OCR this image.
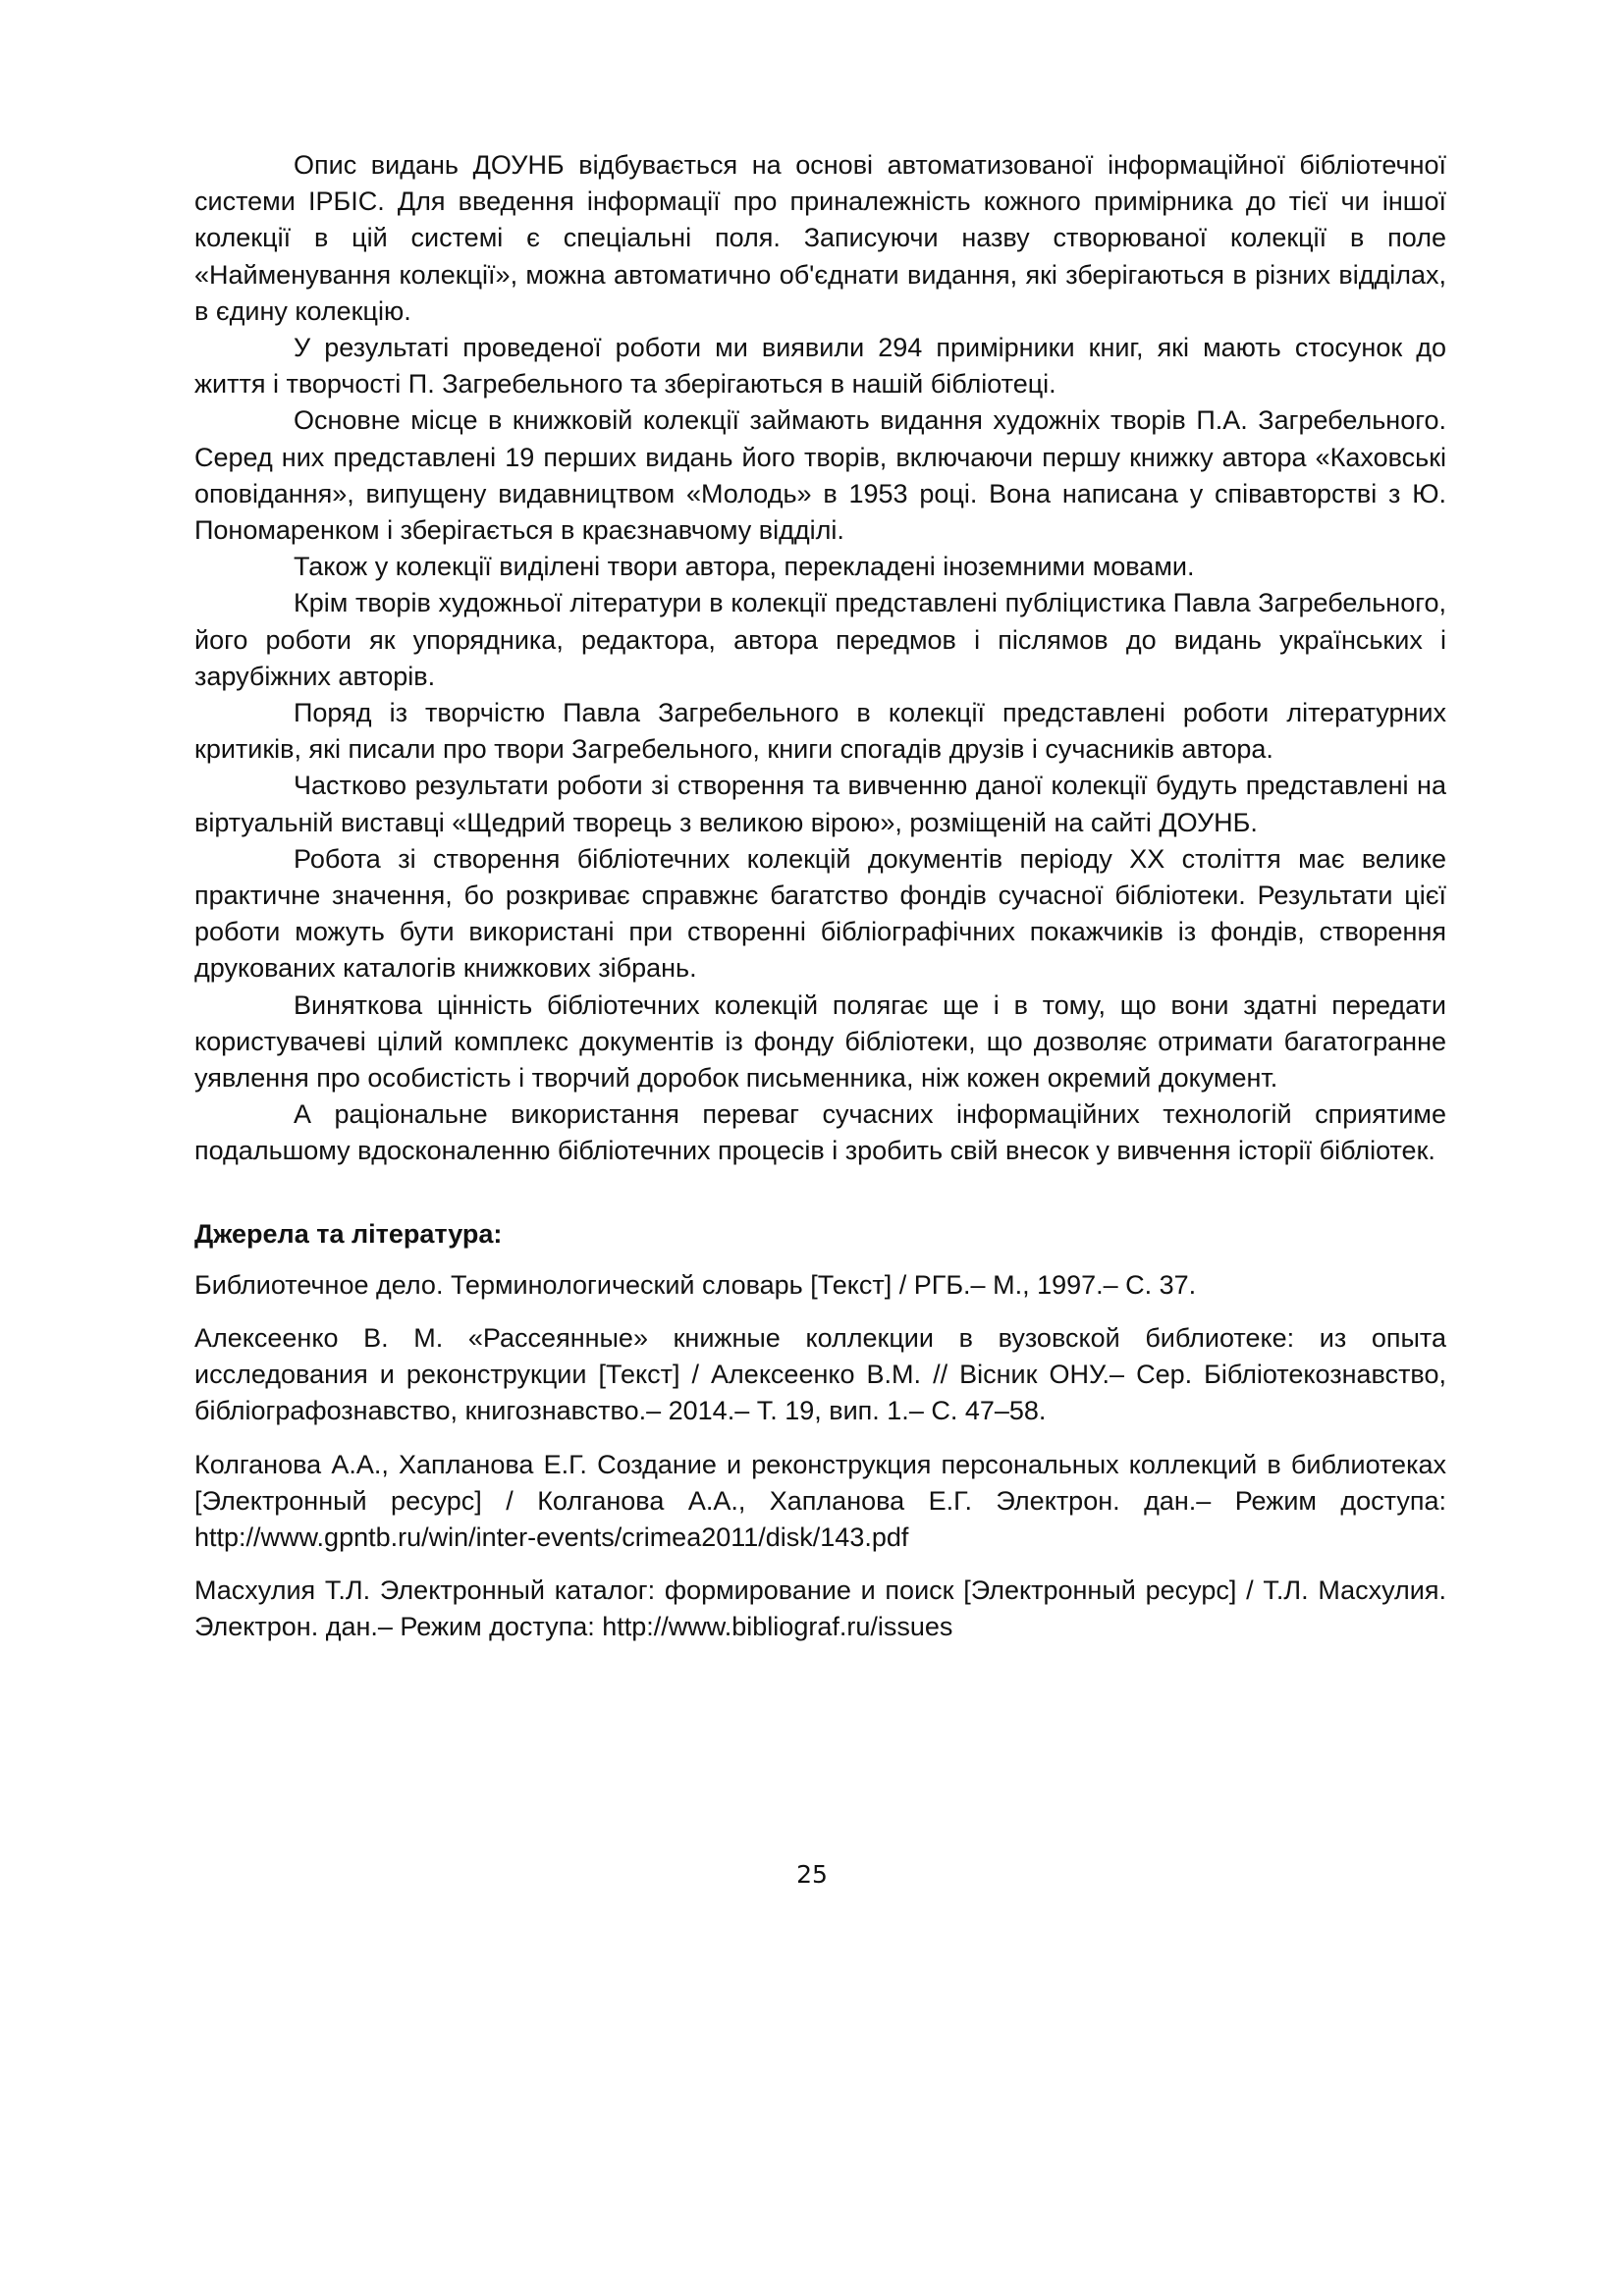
Опис видань ДОУНБ відбувається на основі автоматизованої інформаційної бібліотечної системи ІРБІС. Для введення інформації про приналежність кожного примірника до тієї чи іншої колекції в цій системі є спеціальні поля. Записуючи назву створюваної колекції в поле «Найменування колекції», можна автоматично об'єднати видання, які зберігаються в різних відділах, в єдину колекцію.

У результаті проведеної роботи ми виявили 294 примірники книг, які мають стосунок до життя і творчості П. Загребельного та зберігаються в нашій бібліотеці.

Основне місце в книжковій колекції займають видання художніх творів П.А. Загребельного. Серед них представлені 19 перших видань його творів, включаючи першу книжку автора «Каховські оповідання», випущену видавництвом «Молодь» в 1953 році. Вона написана у співавторстві з Ю. Пономаренком і зберігається в краєзнавчому відділі.

Також у колекції виділені твори автора, перекладені іноземними мовами.

Крім творів художньої літератури в колекції представлені публіцистика Павла Загребельного, його роботи як упорядника, редактора, автора передмов і післямов до видань українських і зарубіжних авторів.

Поряд із творчістю Павла Загребельного в колекції представлені роботи літературних критиків, які писали про твори Загребельного, книги спогадів друзів і сучасників автора.

Частково результати роботи зі створення та вивченню даної колекції будуть представлені на віртуальній виставці «Щедрий творець з великою вірою», розміщеній на сайті ДОУНБ.

Робота зі створення бібліотечних колекцій документів періоду ХХ століття має велике практичне значення, бо розкриває справжнє багатство фондів сучасної бібліотеки. Результати цієї роботи можуть бути використані при створенні бібліографічних покажчиків із фондів, створення друкованих каталогів книжкових зібрань.

Виняткова цінність бібліотечних колекцій полягає ще і в тому, що вони здатні передати користувачеві цілий комплекс документів із фонду бібліотеки, що дозволяє отримати багатогранне уявлення про особистість і творчий доробок письменника, ніж кожен окремий документ.

А раціональне використання переваг сучасних інформаційних технологій сприятиме подальшому вдосконаленню бібліотечних процесів і зробить свій внесок у вивчення історії бібліотек.

Джерела та література:

Библиотечное дело. Терминологический словарь [Текст] / РГБ.– М., 1997.– С. 37.

Алексеенко В. М. «Рассеянные» книжные коллекции в вузовской библиотеке: из опыта исследования и реконструкции [Текст] / Алексеенко В.М. // Вісник ОНУ.– Сер. Бібліотекознавство, бібліографознавство, книгознавство.– 2014.– Т. 19, вип. 1.– С. 47–58.

Колганова А.А., Хапланова Е.Г. Создание и реконструкция персональных коллекций в библиотеках [Электронный ресурс] / Колганова А.А., Хапланова Е.Г. Электрон. дан.– Режим доступа: http://www.gpntb.ru/win/inter-events/crimea2011/disk/143.pdf

Масхулия Т.Л. Электронный каталог: формирование и поиск [Электронный ресурс] / Т.Л. Масхулия. Электрон. дан.– Режим доступа: http://www.bibliograf.ru/issues

25
